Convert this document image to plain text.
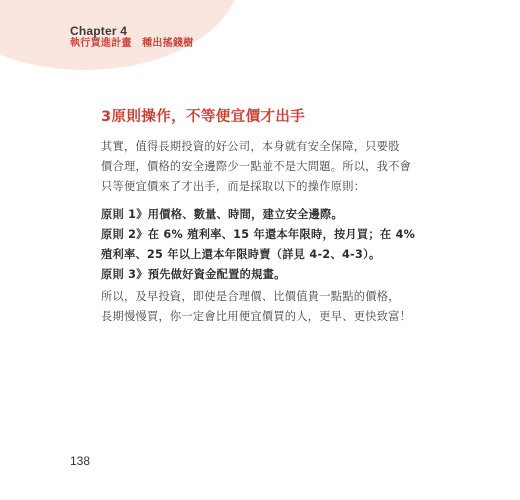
Chapter 4
執行買進計畫　種出搖錢樹
3原則操作，不等便宜價才出手

其實，值得長期投資的好公司，本身就有安全保障，只要股
價合理，價格的安全邊際少一點並不是大問題。所以，我不會
只等便宜價來了才出手，而是採取以下的操作原則：

原則 1》用價格、數量、時間，建立安全邊際。
原則 2》在 6% 殖利率、15 年還本年限時，按月買；在 4%
殖利率、25 年以上還本年限時賣（詳見 4-2、4-3）。
原則 3》預先做好資金配置的規畫。

所以，及早投資，即使是合理價、比價值貴一點點的價格，
長期慢慢買，你一定會比用便宜價買的人，更早、更快致富！

138
